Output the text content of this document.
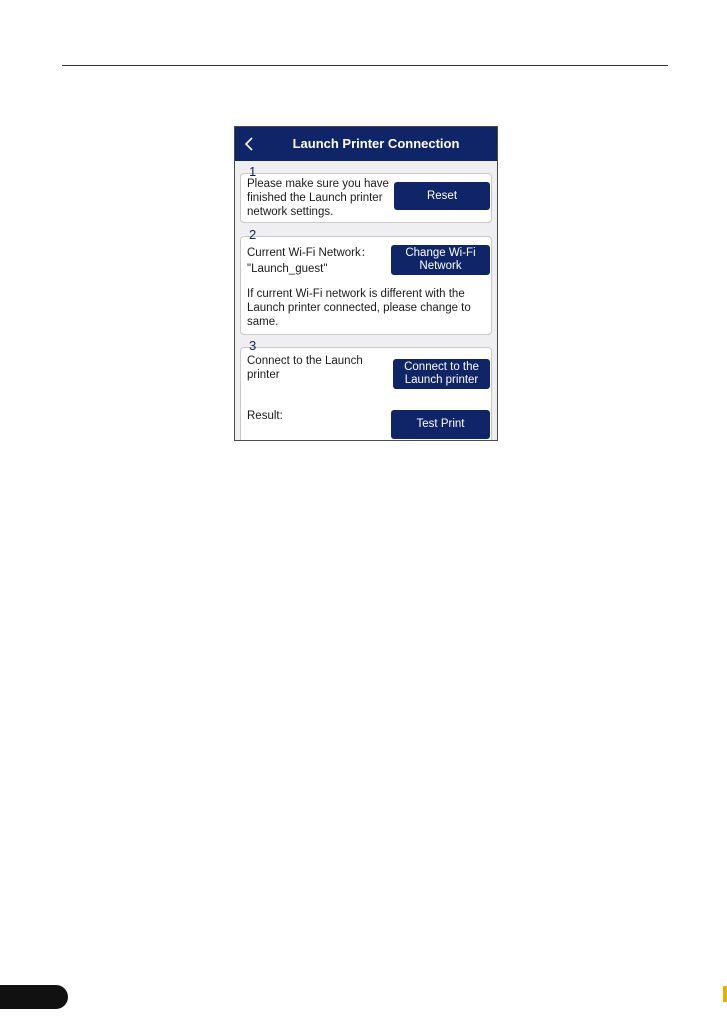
Launch Printer Connection
1
Please make sure you have
finished the Launch printer
network settings.
Reset
2
Current Wi-Fi Network：
"Launch_guest"
Change Wi-Fi
Network
If current Wi-Fi network is different with the
Launch printer connected, please change to
same.
3
Connect to the Launch
printer
Connect to the
Launch printer
Result:
Test Print
